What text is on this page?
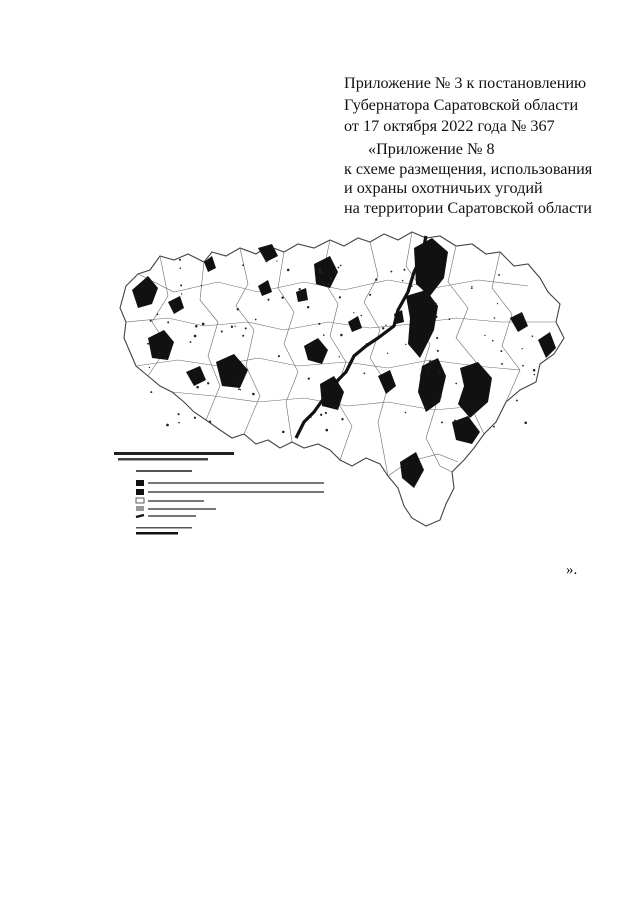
Приложение № 3 к постановлению
Губернатора Саратовской области
от 17 октября 2022 года № 367
«Приложение № 8
к схеме размещения, использования
и охраны охотничьих угодий
на территории Саратовской области
».
